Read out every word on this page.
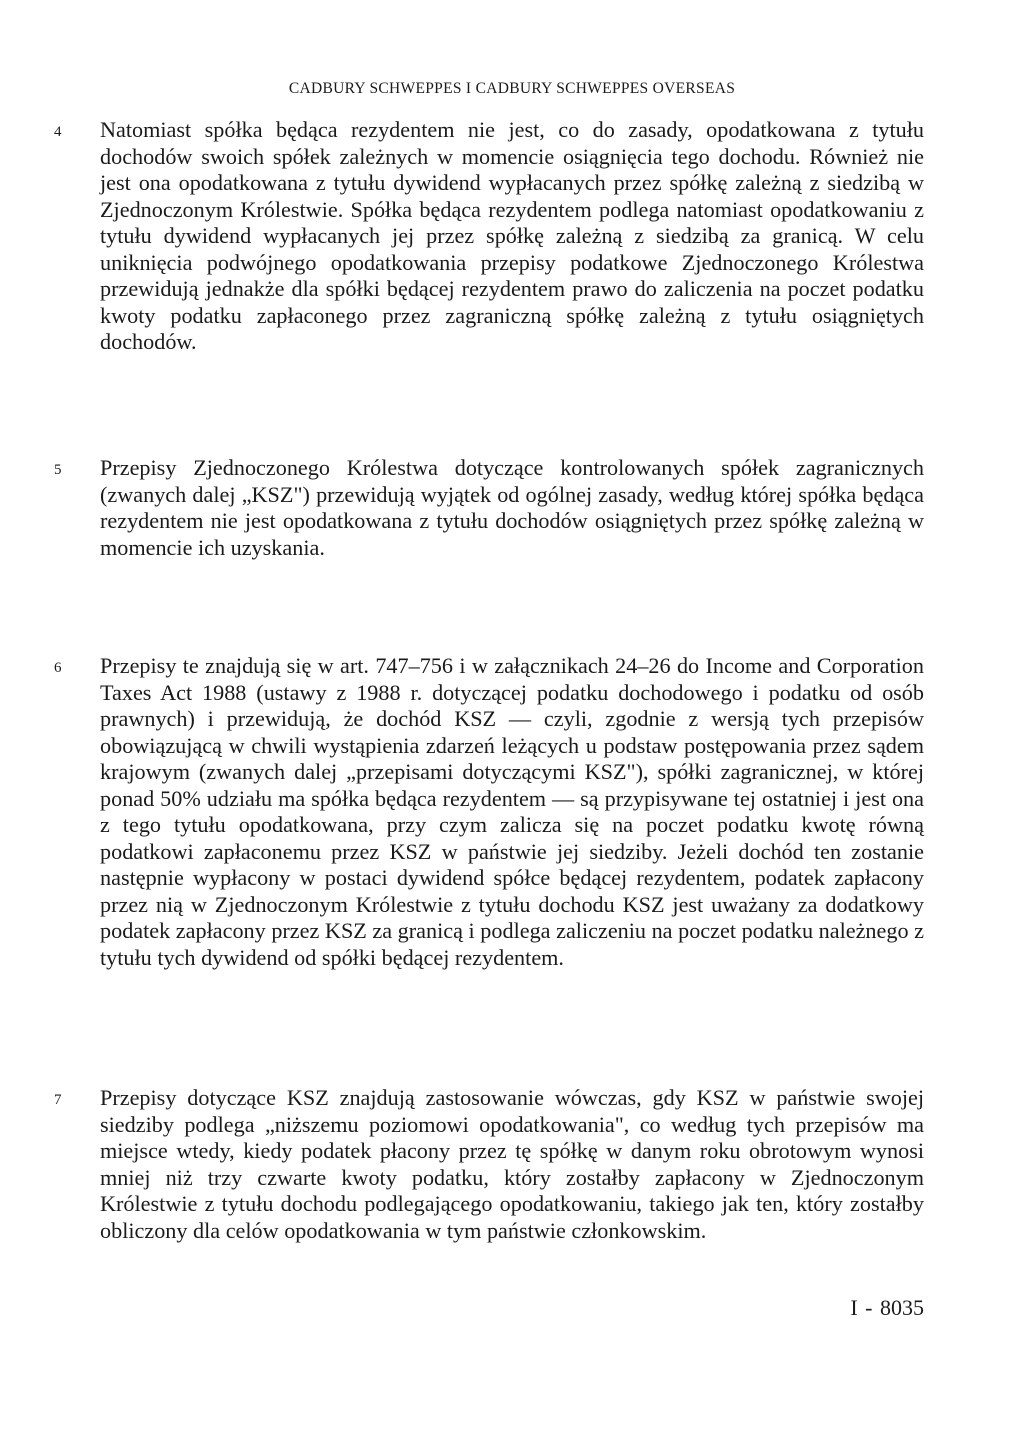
CADBURY SCHWEPPES I CADBURY SCHWEPPES OVERSEAS
4	Natomiast spółka będąca rezydentem nie jest, co do zasady, opodatkowana z tytułu dochodów swoich spółek zależnych w momencie osiągnięcia tego dochodu. Również nie jest ona opodatkowana z tytułu dywidend wypłacanych przez spółkę zależną z siedzibą w Zjednoczonym Królestwie. Spółka będąca rezydentem podlega natomiast opodatkowaniu z tytułu dywidend wypłacanych jej przez spółkę zależną z siedzibą za granicą. W celu uniknięcia podwójnego opodatkowania przepisy podatkowe Zjednoczonego Królestwa przewidują jednakże dla spółki będącej rezydentem prawo do zaliczenia na poczet podatku kwoty podatku zapłaconego przez zagraniczną spółkę zależną z tytułu osiągniętych dochodów.

5	Przepisy Zjednoczonego Królestwa dotyczące kontrolowanych spółek zagranicznych (zwanych dalej „KSZ") przewidują wyjątek od ogólnej zasady, według której spółka będąca rezydentem nie jest opodatkowana z tytułu dochodów osiągniętych przez spółkę zależną w momencie ich uzyskania.

6	Przepisy te znajdują się w art. 747–756 i w załącznikach 24–26 do Income and Corporation Taxes Act 1988 (ustawy z 1988 r. dotyczącej podatku dochodowego i podatku od osób prawnych) i przewidują, że dochód KSZ — czyli, zgodnie z wersją tych przepisów obowiązującą w chwili wystąpienia zdarzeń leżących u podstaw postępowania przez sądem krajowym (zwanych dalej „przepisami dotyczącymi KSZ"), spółki zagranicznej, w której ponad 50% udziału ma spółka będąca rezydentem — są przypisywane tej ostatniej i jest ona z tego tytułu opodatkowana, przy czym zalicza się na poczet podatku kwotę równą podatkowi zapłaconemu przez KSZ w państwie jej siedziby. Jeżeli dochód ten zostanie następnie wypłacony w postaci dywidend spółce będącej rezydentem, podatek zapłacony przez nią w Zjednoczonym Królestwie z tytułu dochodu KSZ jest uważany za dodatkowy podatek zapłacony przez KSZ za granicą i podlega zaliczeniu na poczet podatku należnego z tytułu tych dywidend od spółki będącej rezydentem.

7	Przepisy dotyczące KSZ znajdują zastosowanie wówczas, gdy KSZ w państwie swojej siedziby podlega „niższemu poziomowi opodatkowania", co według tych przepisów ma miejsce wtedy, kiedy podatek płacony przez tę spółkę w danym roku obrotowym wynosi mniej niż trzy czwarte kwoty podatku, który zostałby zapłacony w Zjednoczonym Królestwie z tytułu dochodu podlegającego opodatkowaniu, takiego jak ten, który zostałby obliczony dla celów opodatkowania w tym państwie członkowskim.

I - 8035
